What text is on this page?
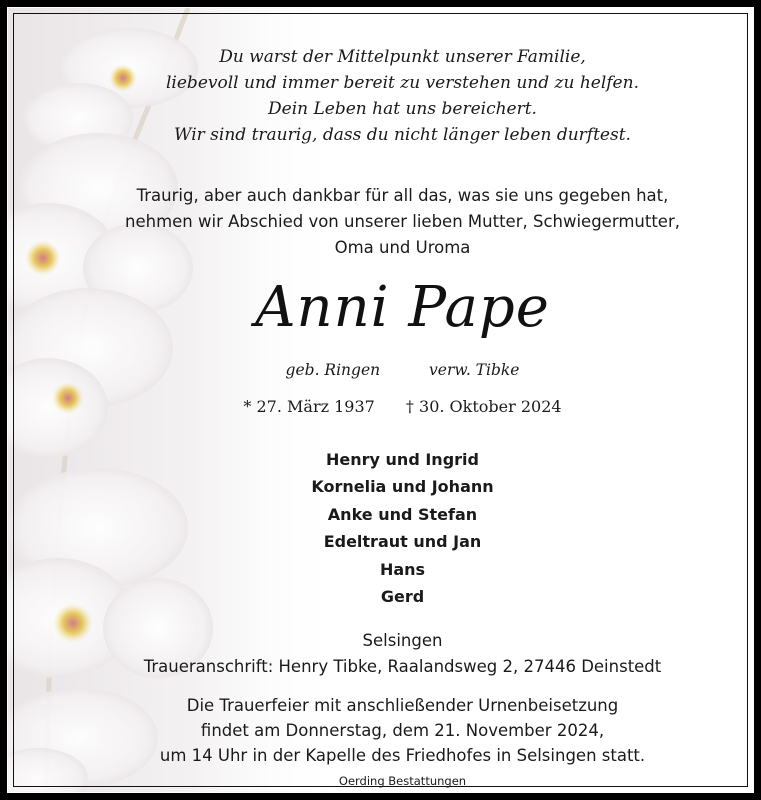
Du warst der Mittelpunkt unserer Familie,
liebevoll und immer bereit zu verstehen und zu helfen.
Dein Leben hat uns bereichert.
Wir sind traurig, dass du nicht länger leben durftest.
Traurig, aber auch dankbar für all das, was sie uns gegeben hat,
nehmen wir Abschied von unserer lieben Mutter, Schwiegermutter,
Oma und Uroma
Anni Pape
geb. Ringen	verw. Tibke
* 27. März 1937 † 30. Oktober 2024
Henry und Ingrid
Kornelia und Johann
Anke und Stefan
Edeltraut und Jan
Hans
Gerd
Selsingen
Traueranschrift: Henry Tibke, Raalandsweg 2, 27446 Deinstedt
Die Trauerfeier mit anschließender Urnenbeisetzung
findet am Donnerstag, dem 21. November 2024,
um 14 Uhr in der Kapelle des Friedhofes in Selsingen statt.
Oerding Bestattungen
